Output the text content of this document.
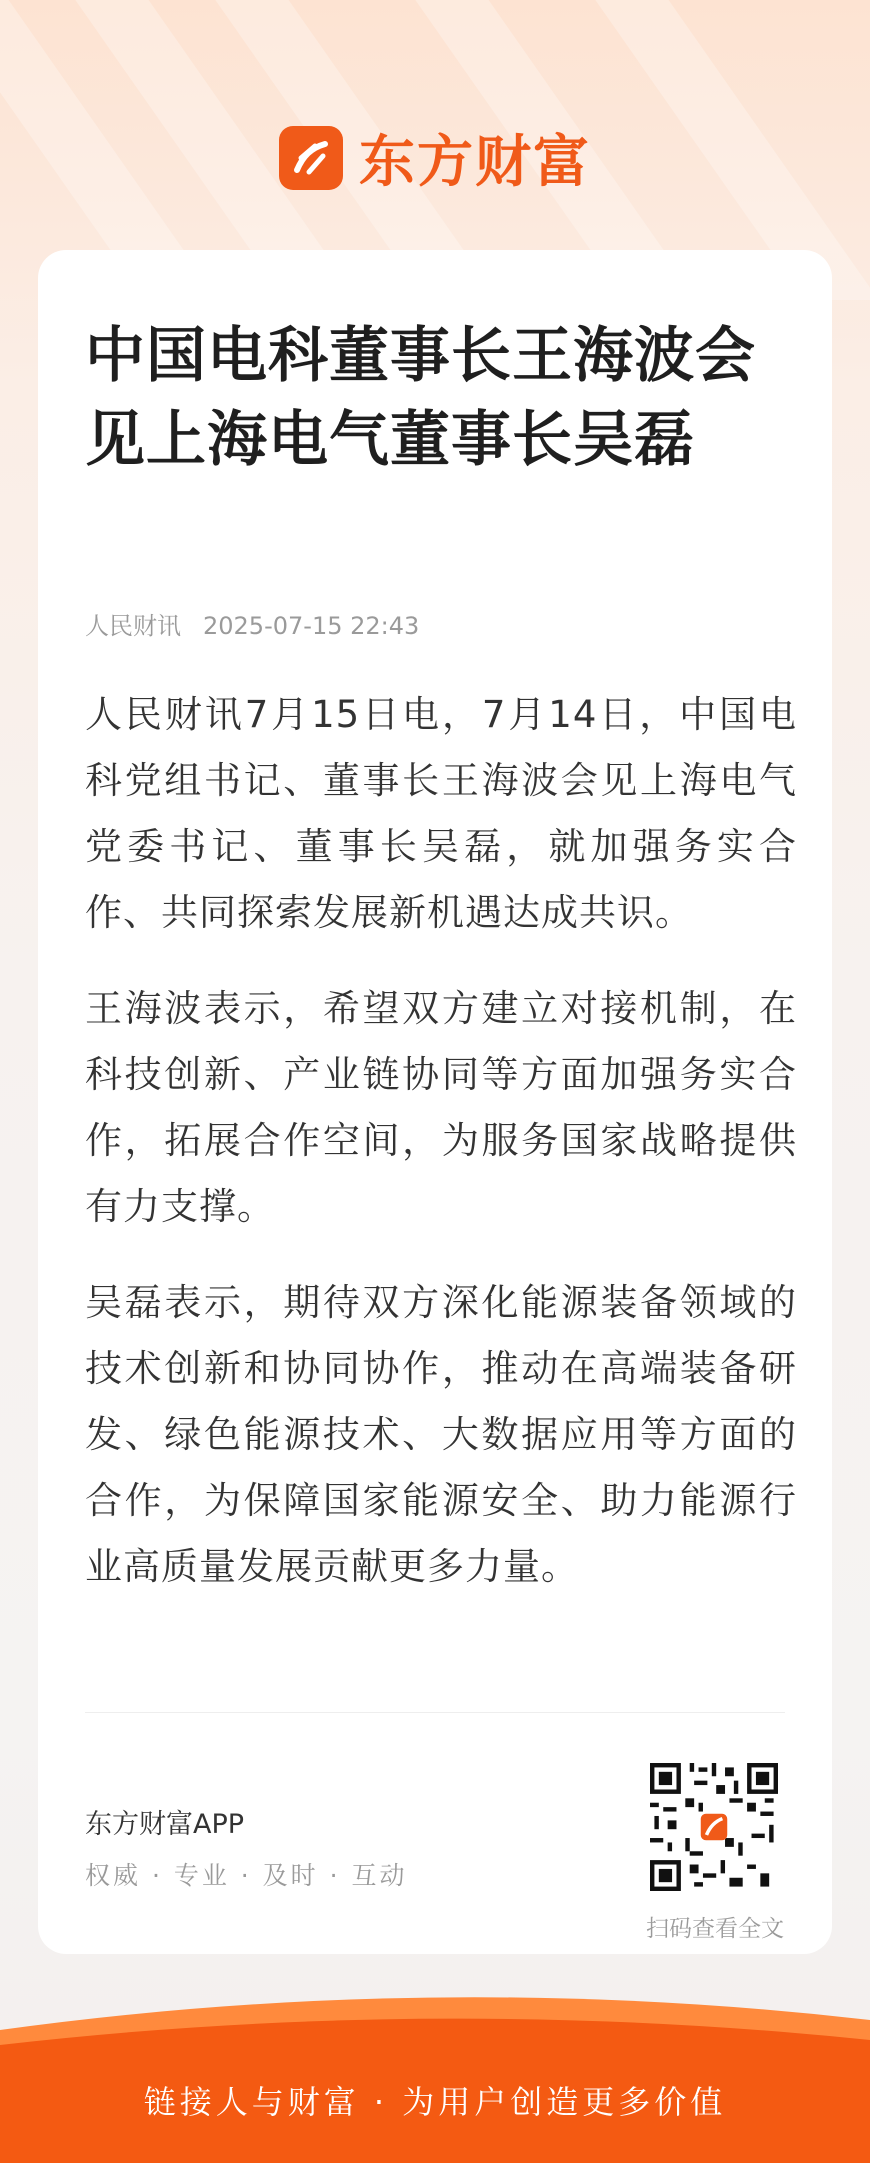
东方财富
中国电科董事长王海波会见上海电气董事长吴磊
人民财讯 2025-07-15 22:43

人民财讯7月15日电，7月14日，中国电科党组书记、董事长王海波会见上海电气党委书记、董事长吴磊，就加强务实合作、共同探索发展新机遇达成共识。

王海波表示，希望双方建立对接机制，在科技创新、产业链协同等方面加强务实合作，拓展合作空间，为服务国家战略提供有力支撑。

吴磊表示，期待双方深化能源装备领域的技术创新和协同协作，推动在高端装备研发、绿色能源技术、大数据应用等方面的合作，为保障国家能源安全、助力能源行业高质量发展贡献更多力量。

东方财富APP
权威 · 专业 · 及时 · 互动
扫码查看全文
链接人与财富 · 为用户创造更多价值
